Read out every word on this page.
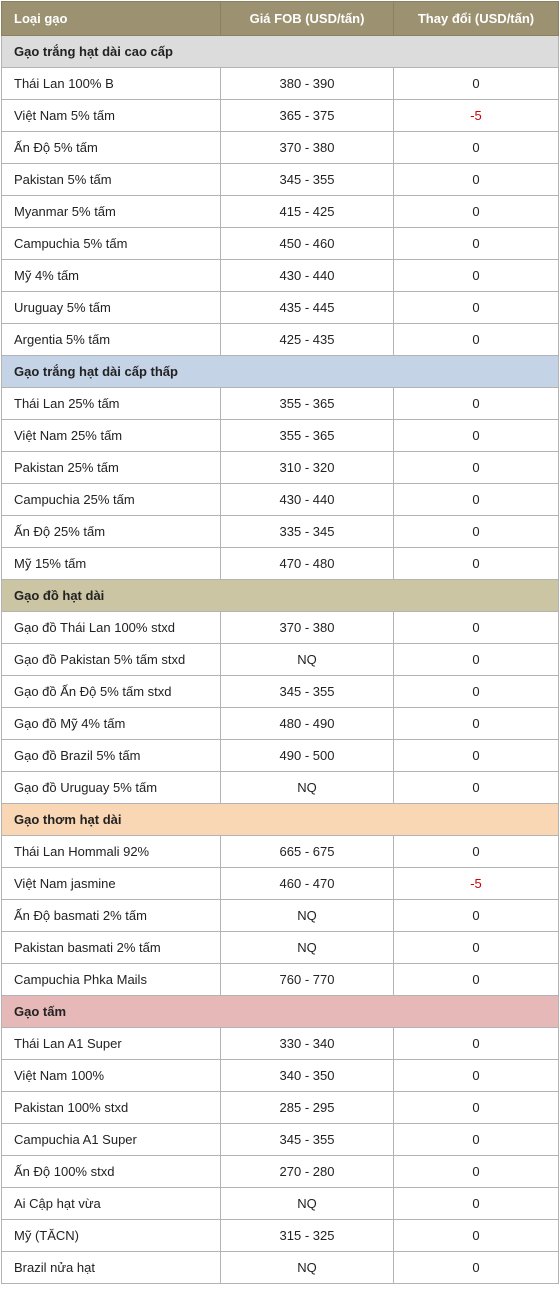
Loại gạo	Giá FOB (USD/tấn)	Thay đổi (USD/tấn)
Gạo trắng hạt dài cao cấp		
Thái Lan 100% B	380 - 390	0
Việt Nam 5% tấm	365 - 375	-5
Ấn Độ 5% tấm	370 - 380	0
Pakistan 5% tấm	345 - 355	0
Myanmar 5% tấm	415 - 425	0
Campuchia 5% tấm	450 - 460	0
Mỹ 4% tấm	430 - 440	0
Uruguay 5% tấm	435 - 445	0
Argentia 5% tấm	425 - 435	0
Gạo trắng hạt dài cấp thấp		
Thái Lan 25% tấm	355 - 365	0
Việt Nam 25% tấm	355 - 365	0
Pakistan 25% tấm	310 - 320	0
Campuchia 25% tấm	430 - 440	0
Ấn Độ 25% tấm	335 - 345	0
Mỹ 15% tấm	470 - 480	0
Gạo đồ hạt dài		
Gạo đồ Thái Lan 100% stxd	370 - 380	0
Gạo đồ Pakistan 5% tấm stxd	NQ	0
Gạo đồ Ấn Độ 5% tấm stxd	345 - 355	0
Gạo đồ Mỹ 4% tấm	480 - 490	0
Gạo đồ Brazil 5% tấm	490 - 500	0
Gạo đồ Uruguay 5% tấm	NQ	0
Gạo thơm hạt dài		
Thái Lan Hommali 92%	665 - 675	0
Việt Nam jasmine	460 - 470	-5
Ấn Độ basmati 2% tấm	NQ	0
Pakistan basmati 2% tấm	NQ	0
Campuchia Phka Mails	760 - 770	0
Gạo tấm		
Thái Lan A1 Super	330 - 340	0
Việt Nam 100%	340 - 350	0
Pakistan 100% stxd	285 - 295	0
Campuchia A1 Super	345 - 355	0
Ấn Độ 100% stxd	270 - 280	0
Ai Cập hạt vừa	NQ	0
Mỹ (TĂCN)	315 - 325	0
Brazil nửa hạt	NQ	0
